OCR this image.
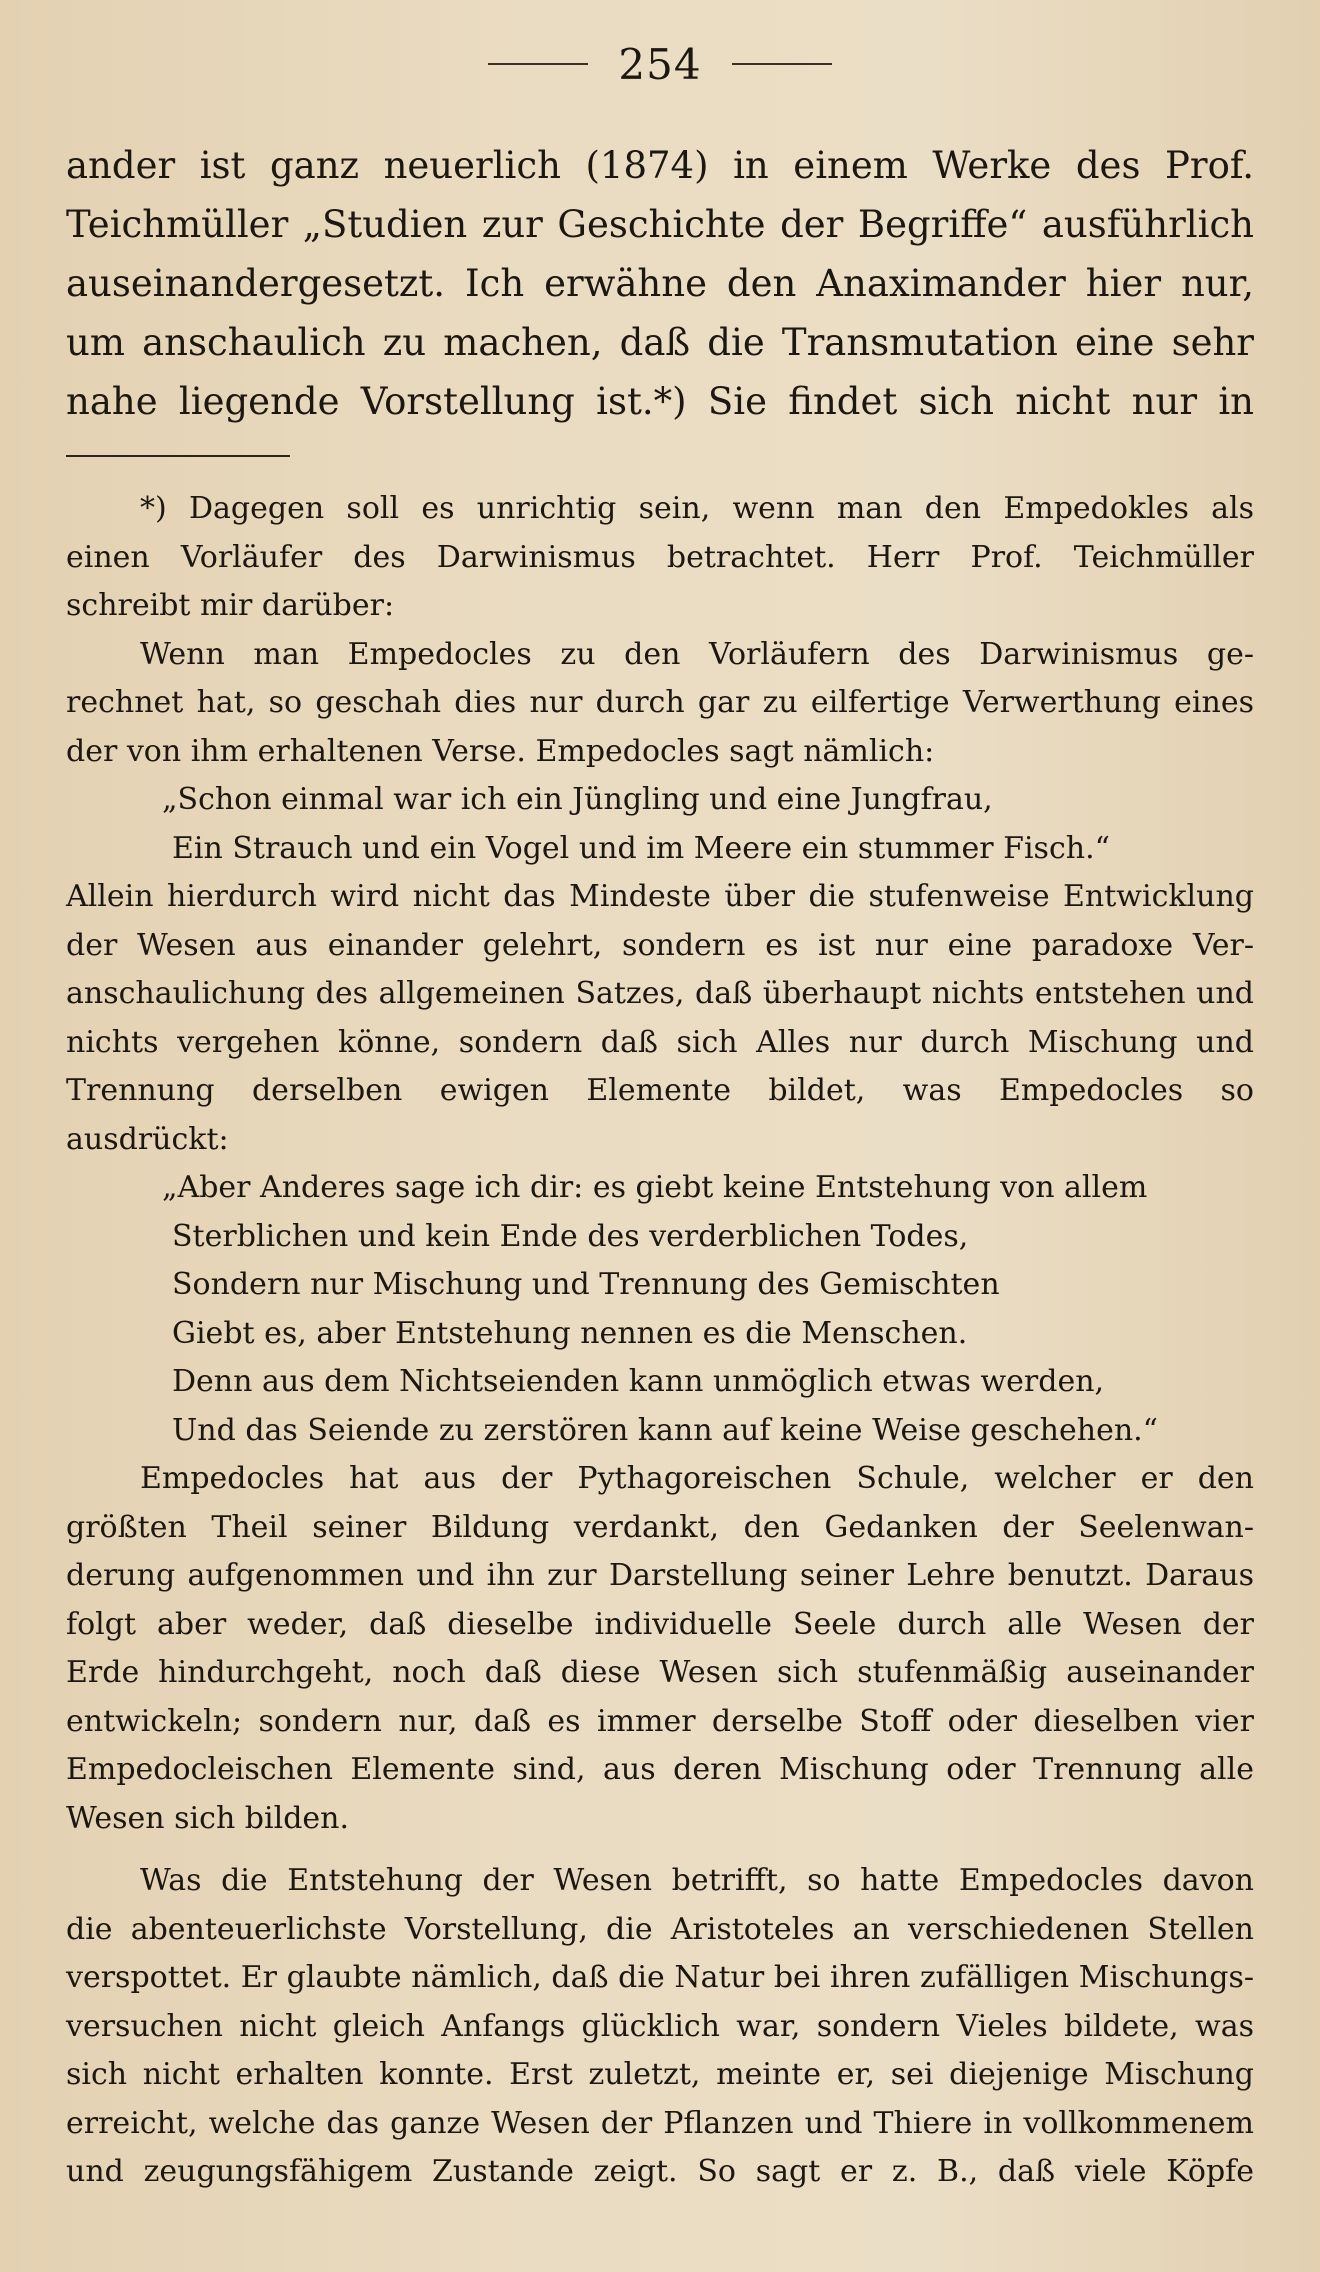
254

ander ist ganz neuerlich (1874) in einem Werke des Prof.
Teichmüller „Studien zur Geschichte der Begriffe“ ausführlich
auseinandergesetzt. Ich erwähne den Anaximander hier nur,
um anschaulich zu machen, daß die Transmutation eine sehr
nahe liegende Vorstellung ist.*) Sie findet sich nicht nur in

*) Dagegen soll es unrichtig sein, wenn man den Empedokles als
einen Vorläufer des Darwinismus betrachtet. Herr Prof. Teichmüller
schreibt mir darüber:

Wenn man Empedocles zu den Vorläufern des Darwinismus ge-
rechnet hat, so geschah dies nur durch gar zu eilfertige Verwerthung eines
der von ihm erhaltenen Verse. Empedocles sagt nämlich:

„Schon einmal war ich ein Jüngling und eine Jungfrau,
Ein Strauch und ein Vogel und im Meere ein stummer Fisch.“

Allein hierdurch wird nicht das Mindeste über die stufenweise Entwicklung
der Wesen aus einander gelehrt, sondern es ist nur eine paradoxe Ver-
anschaulichung des allgemeinen Satzes, daß überhaupt nichts entstehen und
nichts vergehen könne, sondern daß sich Alles nur durch Mischung und
Trennung derselben ewigen Elemente bildet, was Empedocles so
ausdrückt:

„Aber Anderes sage ich dir: es giebt keine Entstehung von allem
Sterblichen und kein Ende des verderblichen Todes,
Sondern nur Mischung und Trennung des Gemischten
Giebt es, aber Entstehung nennen es die Menschen.
Denn aus dem Nichtseienden kann unmöglich etwas werden,
Und das Seiende zu zerstören kann auf keine Weise geschehen.“

Empedocles hat aus der Pythagoreischen Schule, welcher er den
größten Theil seiner Bildung verdankt, den Gedanken der Seelenwan-
derung aufgenommen und ihn zur Darstellung seiner Lehre benutzt. Daraus
folgt aber weder, daß dieselbe individuelle Seele durch alle Wesen der
Erde hindurchgeht, noch daß diese Wesen sich stufenmäßig auseinander
entwickeln; sondern nur, daß es immer derselbe Stoff oder dieselben vier
Empedocleischen Elemente sind, aus deren Mischung oder Trennung alle
Wesen sich bilden.

Was die Entstehung der Wesen betrifft, so hatte Empedocles davon
die abenteuerlichste Vorstellung, die Aristoteles an verschiedenen Stellen
verspottet. Er glaubte nämlich, daß die Natur bei ihren zufälligen Mischungs-
versuchen nicht gleich Anfangs glücklich war, sondern Vieles bildete, was
sich nicht erhalten konnte. Erst zuletzt, meinte er, sei diejenige Mischung
erreicht, welche das ganze Wesen der Pflanzen und Thiere in vollkommenem
und zeugungsfähigem Zustande zeigt. So sagt er z. B., daß viele Köpfe
